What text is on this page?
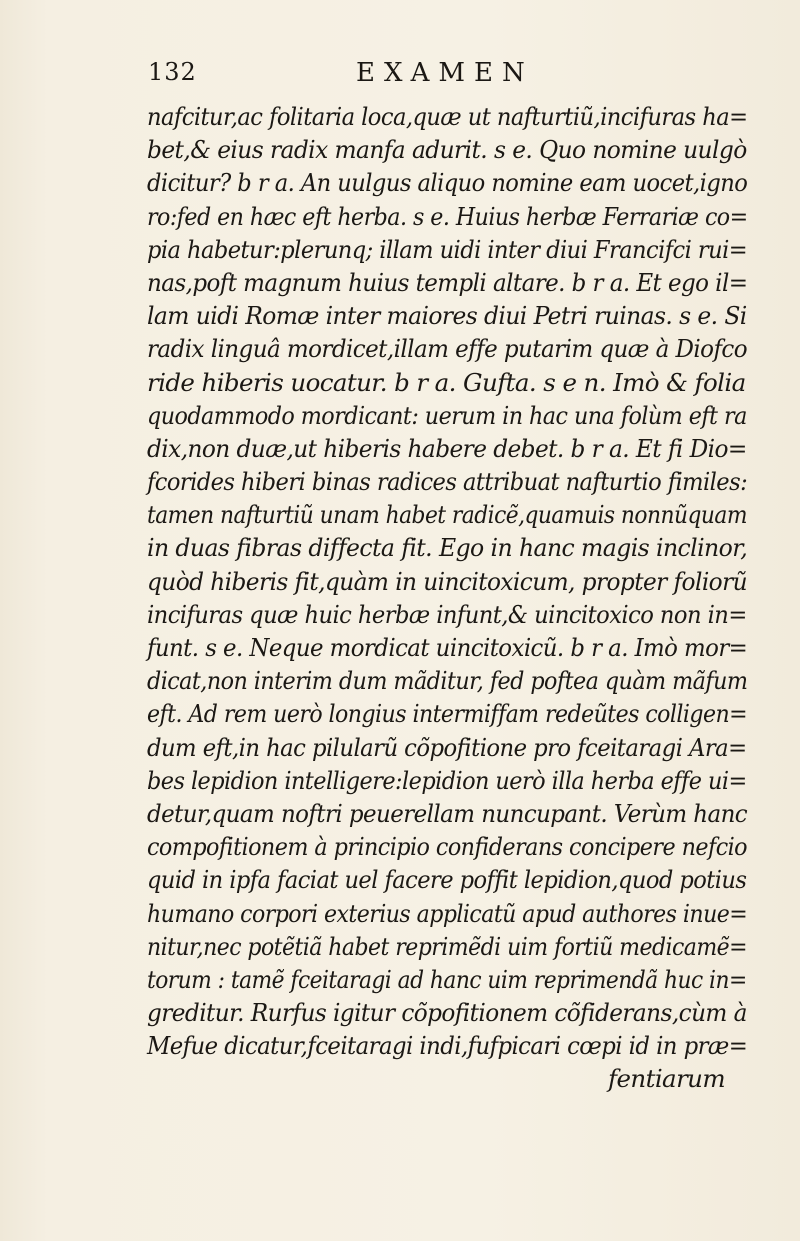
132	EXAMEN
nafcitur,ac folitaria loca,quæ ut nafturtiũ,incifuras ha=
bet,& eius radix manfa adurit. s e. Quo nomine uulgò
dicitur? b r a. An uulgus aliquo nomine eam uocet,igno
ro:fed en hæc eft herba. s e. Huius herbæ Ferrariæ co=
pia habetur:plerunq; illam uidi inter diui Francifci rui=
nas,poft magnum huius templi altare. b r a. Et ego il=
lam uidi Romæ inter maiores diui Petri ruinas. s e. Si
radix linguâ mordicet,illam effe putarim quæ à Diofco
ride hiberis uocatur. b r a. Gufta. s e n. Imò & folia
quodammodo mordicant: uerum in hac una folùm eft ra
dix,non duæ,ut hiberis habere debet. b r a. Et fi Dio=
fcorides hiberi binas radices attribuat nafturtio fimiles:
tamen nafturtiũ unam habet radicẽ,quamuis nonnũquam
in duas fibras diffecta fit. Ego in hanc magis inclinor,
quòd hiberis fit,quàm in uincitoxicum, propter foliorũ
incifuras quæ huic herbæ infunt,& uincitoxico non in=
funt. s e. Neque mordicat uincitoxicũ. b r a. Imò mor=
dicat,non interim dum mãditur, fed poftea quàm mãfum
eft. Ad rem uerò longius intermiffam redeũtes colligen=
dum eft,in hac pilularũ cõpofitione pro fceitaragi Ara=
bes lepidion intelligere:lepidion uerò illa herba effe ui=
detur,quam noftri peuerellam nuncupant. Verùm hanc
compofitionem à principio confiderans concipere nefcio
quid in ipfa faciat uel facere poffit lepidion,quod potius
humano corpori exterius applicatũ apud authores inue=
nitur,nec potẽtiã habet reprimẽdi uim fortiũ medicamẽ=
torum : tamẽ fceitaragi ad hanc uim reprimendã huc in=
greditur. Rurfus igitur cõpofitionem cõfiderans,cùm à
Mefue dicatur,fceitaragi indi,fufpicari cœpi id in præ=
fentiarum
